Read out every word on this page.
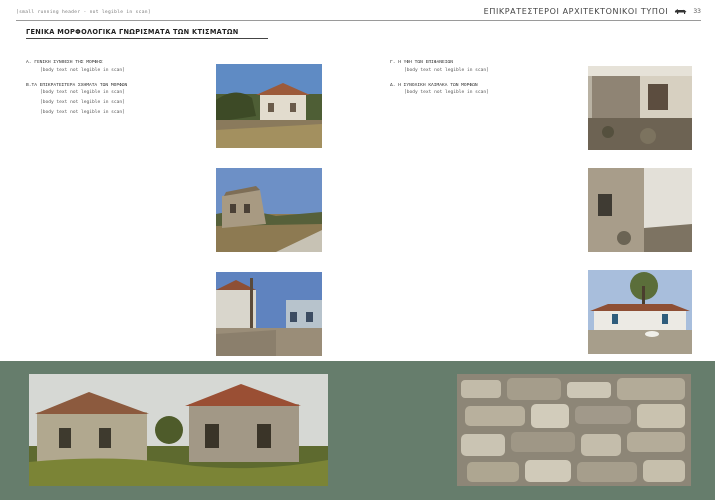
[small running header - not legible in scan]	ΕΠΙΚΡΑΤΕΣΤΕΡΟΙ ΑΡΧΙΤΕΚΤΟΝΙΚΟΙ ΤΥΠΟΙ	33
ΓΕΝΙΚΑ ΜΟΡΦΟΛΟΓΙΚΑ ΓΝΩΡΙΣΜΑΤΑ ΤΩΝ ΚΤΙΣΜΑΤΩΝ
Α. ΓΕΝΙΚΗ ΣΥΝΘΕΣΗ ΤΗΣ ΜΟΡΦΗΣ

[body text not legible in scan]

Β.ΤΑ ΕΠΙΚΡΑΤΕΣΤΕΡΑ ΣΧΗΜΑΤΑ ΤΩΝ ΜΟΡΦΩΝ

[body text not legible in scan]

[body text not legible in scan]

[body text not legible in scan]

Γ. Η ΥΦΗ ΤΩΝ ΕΠΙΦΑΝΕΙΩΝ

[body text not legible in scan]

Δ. Η ΣΥΝΟΛΙΚΗ ΚΛΙΜΑΚΑ ΤΩΝ ΜΟΡΦΩΝ

[body text not legible in scan]
